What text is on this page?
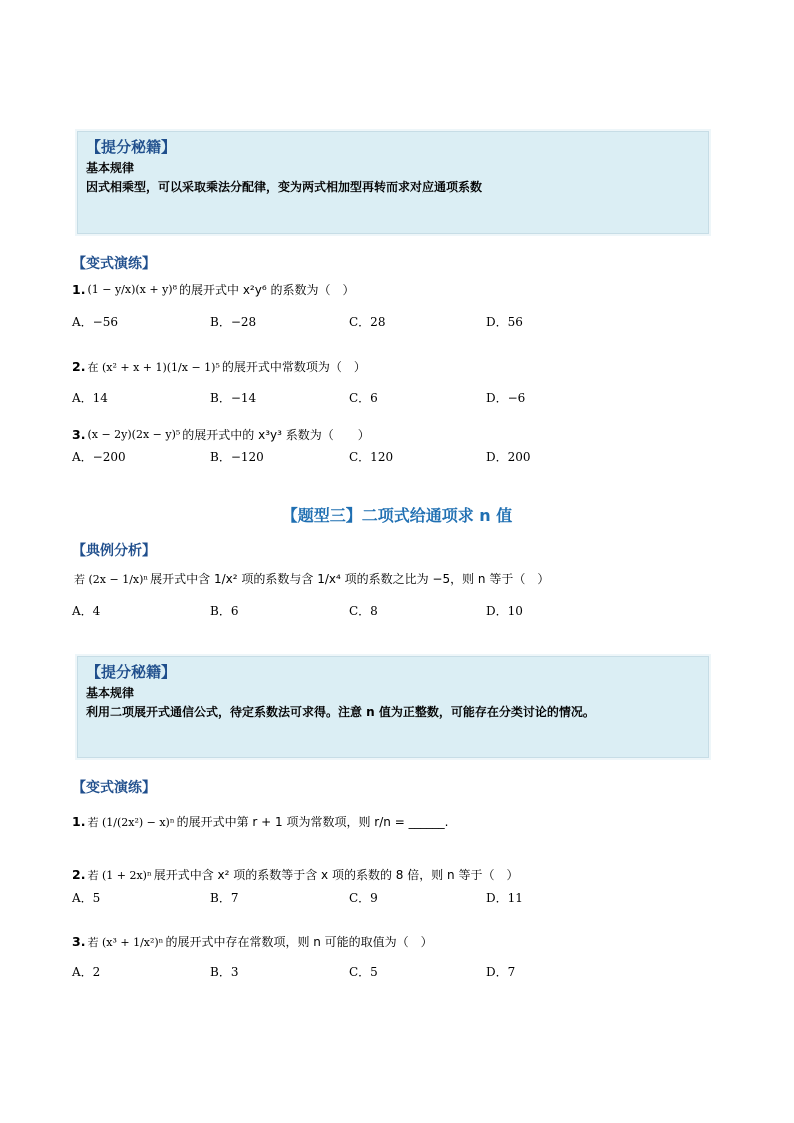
【提分秘籍】
基本规律
因式相乘型，可以采取乘法分配律，变为两式相加型再转而求对应通项系数
【变式演练】
1. (1 − y/x)(x + y)⁸ 的展开式中 x²y⁶ 的系数为（　）
A．−56	B．−28	C．28	D．56
2. 在 (x² + x + 1)(1/x − 1)⁵ 的展开式中常数项为（　）
A．14	B．−14	C．6	D．−6
3. (x − 2y)(2x − y)⁵ 的展开式中的 x³y³ 系数为（　　）
A．−200	B．−120	C．120	D．200
【题型三】二项式给通项求 n 值
【典例分析】
若 (2x − 1/x)ⁿ 展开式中含 1/x² 项的系数与含 1/x⁴ 项的系数之比为 −5，则 n 等于（　）
A．4	B．6	C．8	D．10
【提分秘籍】
基本规律
利用二项展开式通信公式，待定系数法可求得。注意 n 值为正整数，可能存在分类讨论的情况。
【变式演练】
1. 若 (1/(2x²) − x)ⁿ 的展开式中第 r + 1 项为常数项，则 r/n = ______.
2. 若 (1 + 2x)ⁿ 展开式中含 x² 项的系数等于含 x 项的系数的 8 倍，则 n 等于（　）
A．5	B．7	C．9	D．11
3. 若 (x³ + 1/x²)ⁿ 的展开式中存在常数项，则 n 可能的取值为（　）
A．2	B．3	C．5	D．7
